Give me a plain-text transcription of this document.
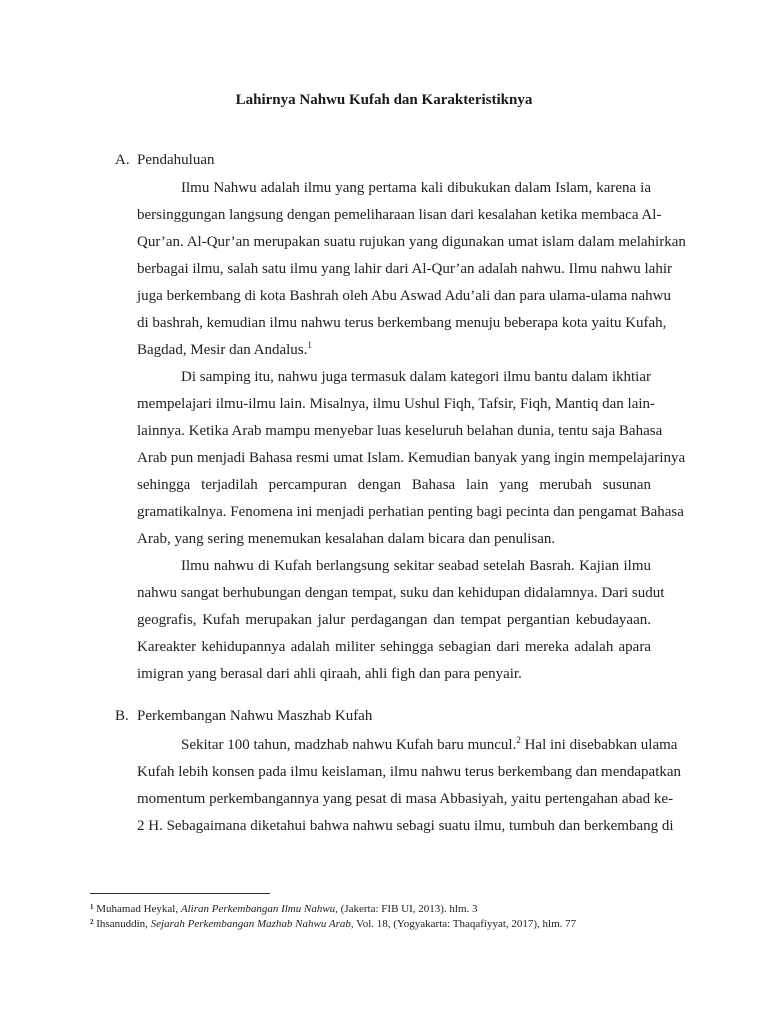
Lahirnya Nahwu Kufah dan Karakteristiknya
A. Pendahuluan
Ilmu Nahwu adalah ilmu yang pertama kali dibukukan dalam Islam, karena ia
bersinggungan langsung dengan pemeliharaan lisan dari kesalahan ketika membaca Al-
Qur’an. Al-Qur’an merupakan suatu rujukan yang digunakan umat islam dalam melahirkan
berbagai ilmu, salah satu ilmu yang lahir dari Al-Qur’an adalah nahwu. Ilmu nahwu lahir
juga berkembang di kota Bashrah oleh Abu Aswad Adu’ali dan para ulama-ulama nahwu
di bashrah, kemudian ilmu nahwu terus berkembang menuju beberapa kota yaitu Kufah,
Bagdad, Mesir dan Andalus.$^1$
Di samping itu, nahwu juga termasuk dalam kategori ilmu bantu dalam ikhtiar
mempelajari ilmu-ilmu lain. Misalnya, ilmu Ushul Fiqh, Tafsir, Fiqh, Mantiq dan lain-
lainnya. Ketika Arab mampu menyebar luas keseluruh belahan dunia, tentu saja Bahasa
Arab pun menjadi Bahasa resmi umat Islam. Kemudian banyak yang ingin mempelajarinya
sehingga terjadilah percampuran dengan Bahasa lain yang merubah susunan
gramatikalnya. Fenomena ini menjadi perhatian penting bagi pecinta dan pengamat Bahasa
Arab, yang sering menemukan kesalahan dalam bicara dan penulisan.
Ilmu nahwu di Kufah berlangsung sekitar seabad setelah Basrah. Kajian ilmu
nahwu sangat berhubungan dengan tempat, suku dan kehidupan didalamnya. Dari sudut
geografis, Kufah merupakan jalur perdagangan dan tempat pergantian kebudayaan.
Kareakter kehidupannya adalah militer sehingga sebagian dari mereka adalah apara
imigran yang berasal dari ahli qiraah, ahli figh dan para penyair.
B. Perkembangan Nahwu Maszhab Kufah
Sekitar 100 tahun, madzhab nahwu Kufah baru muncul.$^2$ Hal ini disebabkan ulama
Kufah lebih konsen pada ilmu keislaman, ilmu nahwu terus berkembang dan mendapatkan
momentum perkembangannya yang pesat di masa Abbasiyah, yaitu pertengahan abad ke-
2 H. Sebagaimana diketahui bahwa nahwu sebagi suatu ilmu, tumbuh dan berkembang di
$^1$ Muhamad Heykal, Aliran Perkembangan Ilmu Nahwu, (Jakerta: FIB UI, 2013). hlm. 3
$^2$ Ihsanuddin, Sejarah Perkembangan Mazhab Nahwu Arab, Vol. 18, (Yogyakarta: Thaqafiyyat, 2017), hlm. 77
